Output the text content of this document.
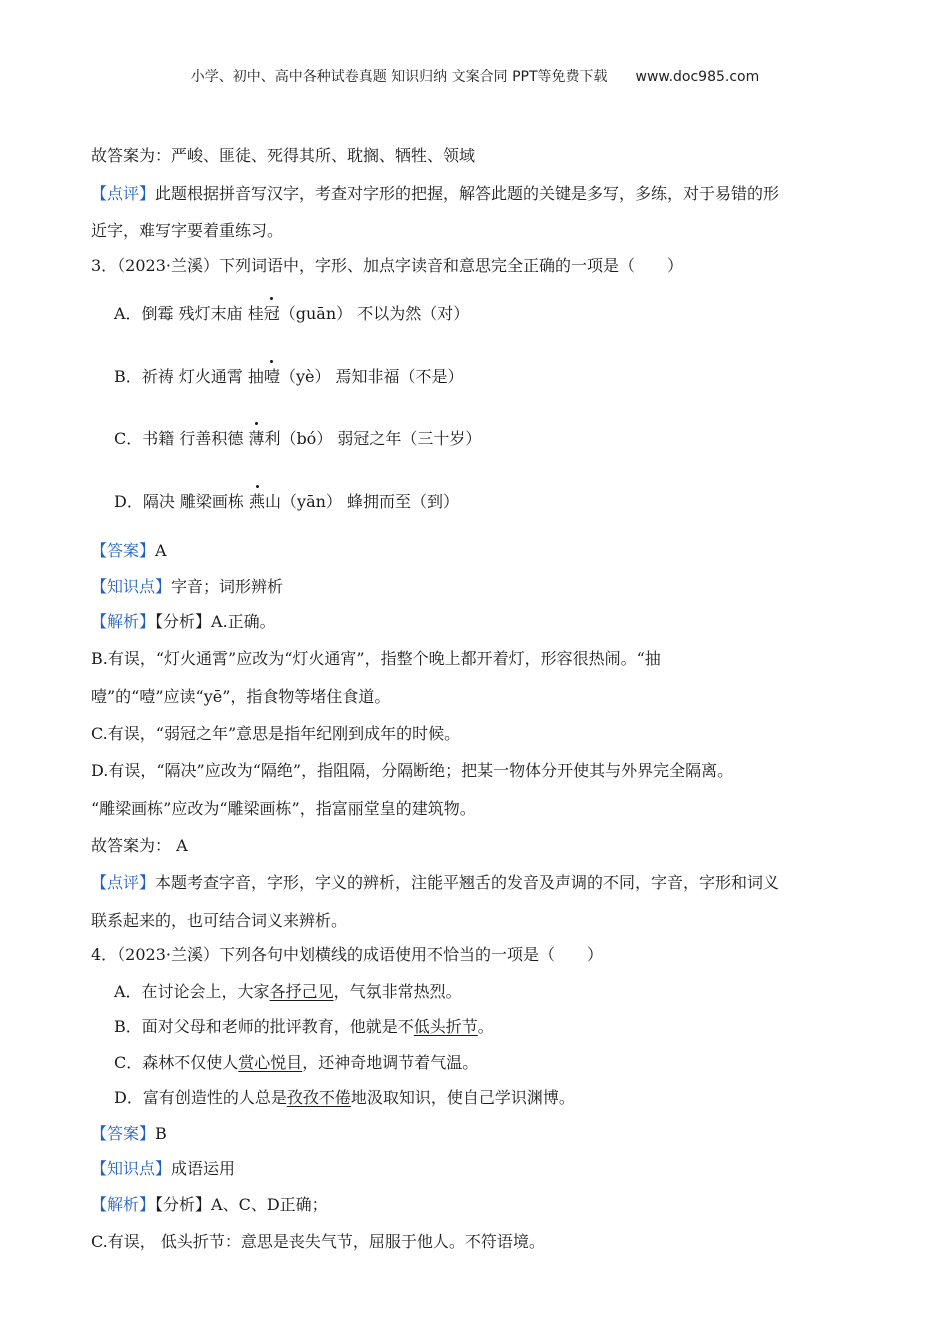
小学、初中、高中各种试卷真题 知识归纳 文案合同 PPT等免费下载 www.doc985.com
故答案为：严峻、匪徒、死得其所、耽搁、牺牲、领域
【点评】此题根据拼音写汉字，考查对字形的把握，解答此题的关键是多写，多练，对于易错的形
近字，难写字要着重练习。
3．（2023·兰溪）下列词语中，字形、加点字读音和意思完全正确的一项是（　　）
A．倒霉 残灯末庙 桂冠（guān） 不以为然（对）
B．祈祷 灯火通霄 抽噎（yè） 焉知非福（不是）
C．书籍 行善积德 薄利（bó） 弱冠之年（三十岁）
D．隔决 雕梁画栋 燕山（yān） 蜂拥而至（到）
【答案】A
【知识点】字音；词形辨析
【解析】【分析】A.正确。
B.有误，“灯火通霄”应改为“灯火通宵”，指整个晚上都开着灯，形容很热闹。“抽
噎”的“噎”应读“yē”，指食物等堵住食道。
C.有误，“弱冠之年”意思是指年纪刚到成年的时候。
D.有误，“隔决”应改为“隔绝”，指阻隔，分隔断绝；把某一物体分开使其与外界完全隔离。
“雕梁画栋”应改为“雕梁画栋”，指富丽堂皇的建筑物。
故答案为： A
【点评】本题考查字音，字形，字义的辨析，注能平翘舌的发音及声调的不同，字音，字形和词义
联系起来的，也可结合词义来辨析。
4．（2023·兰溪）下列各句中划横线的成语使用不恰当的一项是（　　）
A．在讨论会上，大家各抒己见，气氛非常热烈。
B．面对父母和老师的批评教育，他就是不低头折节。
C．森林不仅使人赏心悦目，还神奇地调节着气温。
D．富有创造性的人总是孜孜不倦地汲取知识，使自己学识渊博。
【答案】B
【知识点】成语运用
【解析】【分析】A、C、D正确；
C.有误， 低头折节：意思是丧失气节，屈服于他人。不符语境。
